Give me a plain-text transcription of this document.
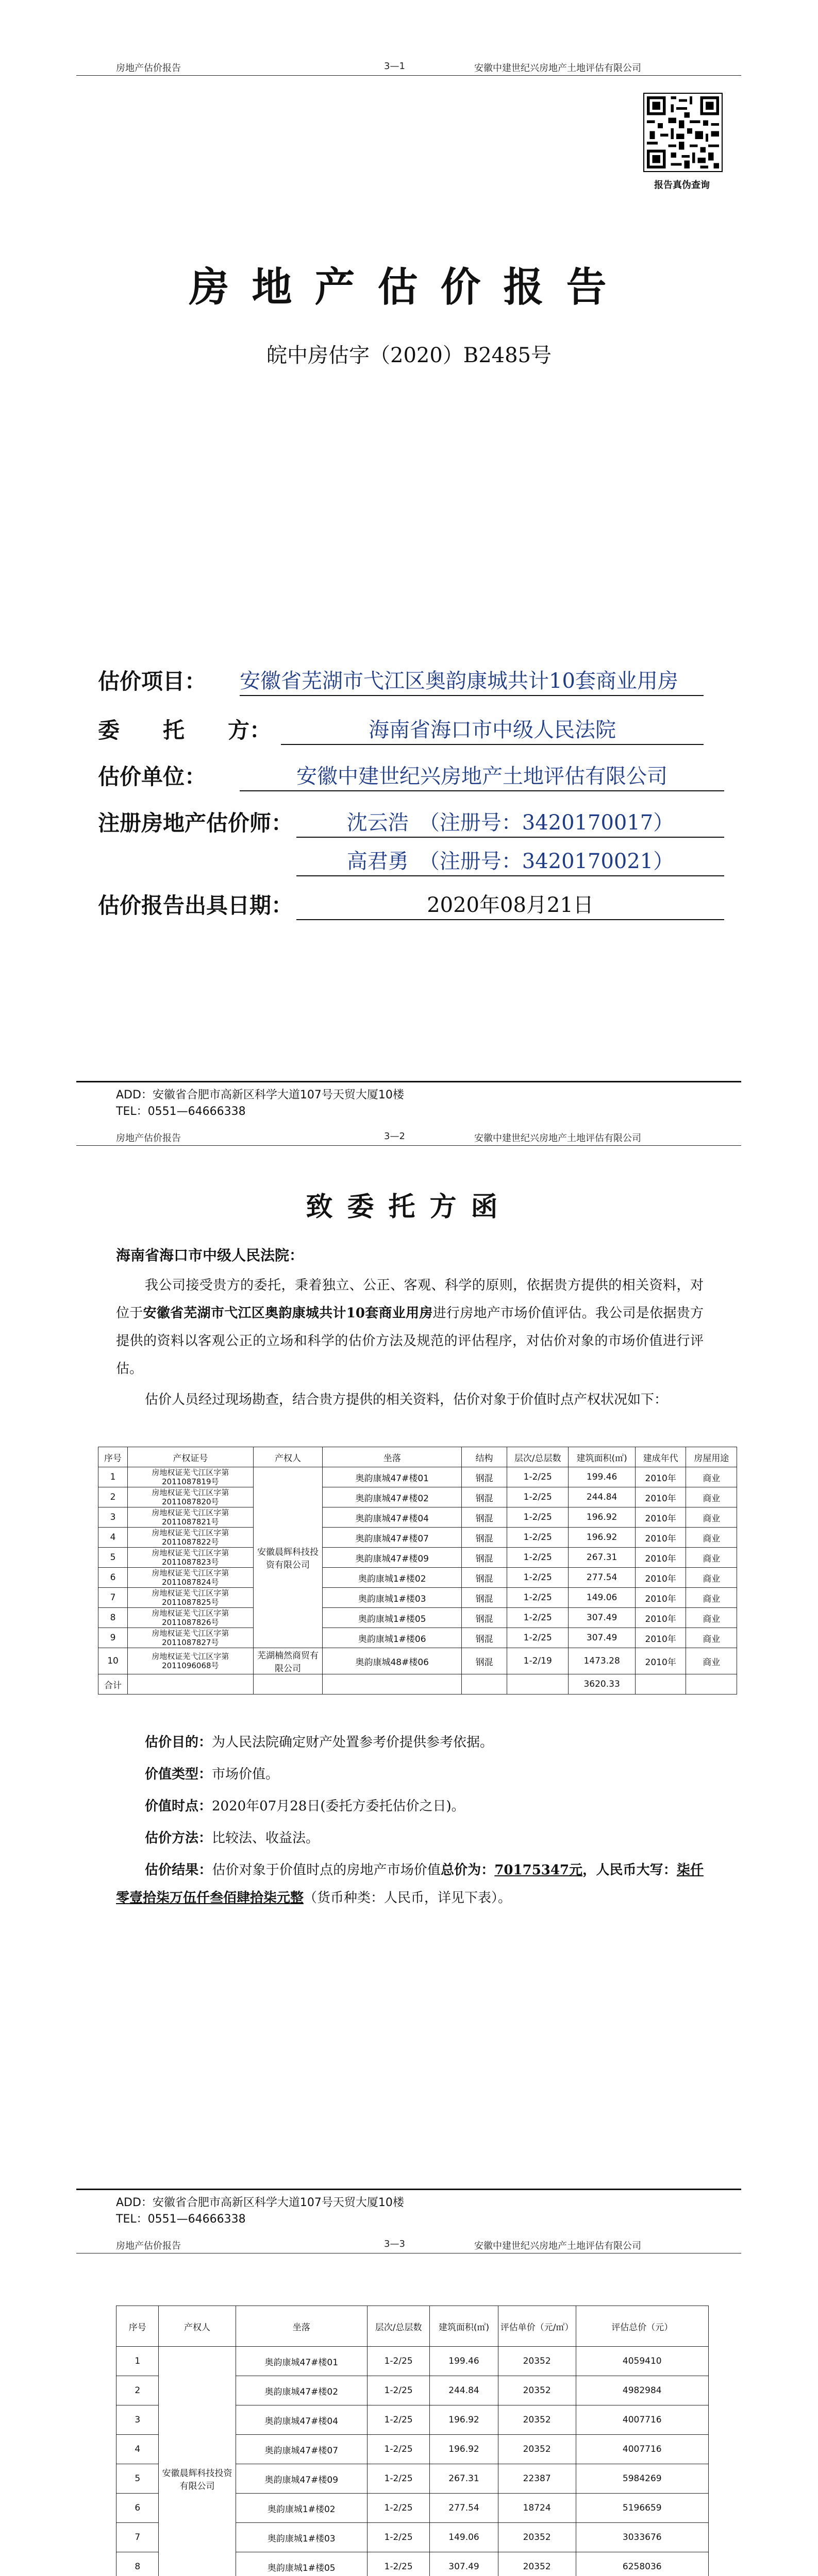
房地产估价报告	3—1	安徽中建世纪兴房地产土地评估有限公司
报告真伪查询
房地产估价报告
皖中房估字（2020）B2485号
估价项目： 安徽省芜湖市弋江区奥韵康城共计10套商业用房
委　　托　　方：	海南省海口市中级人民法院
估价单位：	安徽中建世纪兴房地产土地评估有限公司
注册房地产估价师：	沈云浩　（注册号：3420170017）
高君勇　（注册号：3420170021）
估价报告出具日期：	2020年08月21日
ADD：安徽省合肥市高新区科学大道107号天贸大厦10楼
TEL：0551—64666338
房地产估价报告	3—2	安徽中建世纪兴房地产土地评估有限公司
致委托方函
海南省海口市中级人民法院：
我公司接受贵方的委托，秉着独立、公正、客观、科学的原则，依据贵方提供的相关资料，对位于安徽省芜湖市弋江区奥韵康城共计10套商业用房进行房地产市场价值评估。我公司是依据贵方提供的资料以客观公正的立场和科学的估价方法及规范的评估程序，对估价对象的市场价值进行评估。
估价人员经过现场勘查，结合贵方提供的相关资料，估价对象于价值时点产权状况如下：
序号	产权证号	产权人	坐落	结构	层次/总层数	建筑面积(㎡)	建成年代	房屋用途
1	房地权证芜弋江区字第2011087819号	安徽晨辉科技投资有限公司	奥韵康城47#楼01	钢混	1-2/25	199.46	2010年	商业
2	房地权证芜弋江区字第2011087820号		奥韵康城47#楼02	钢混	1-2/25	244.84	2010年	商业
3	房地权证芜弋江区字第2011087821号		奥韵康城47#楼04	钢混	1-2/25	196.92	2010年	商业
4	房地权证芜弋江区字第2011087822号		奥韵康城47#楼07	钢混	1-2/25	196.92	2010年	商业
5	房地权证芜弋江区字第2011087823号		奥韵康城47#楼09	钢混	1-2/25	267.31	2010年	商业
6	房地权证芜弋江区字第2011087824号		奥韵康城1#楼02	钢混	1-2/25	277.54	2010年	商业
7	房地权证芜弋江区字第2011087825号		奥韵康城1#楼03	钢混	1-2/25	149.06	2010年	商业
8	房地权证芜弋江区字第2011087826号		奥韵康城1#楼05	钢混	1-2/25	307.49	2010年	商业
9	房地权证芜弋江区字第2011087827号		奥韵康城1#楼06	钢混	1-2/25	307.49	2010年	商业
10	房地权证芜弋江区字第2011096068号	芜湖楠然商贸有限公司	奥韵康城48#楼06	钢混	1-2/19	1473.28	2010年	商业
合计						3620.33		
估价目的：为人民法院确定财产处置参考价提供参考依据。
价值类型：市场价值。
价值时点：2020年07月28日(委托方委托估价之日)。
估价方法：比较法、收益法。
估价结果：估价对象于价值时点的房地产市场价值总价为：70175347元，人民币大写：柒仟零壹拾柒万伍仟叁佰肆拾柒元整（货币种类：人民币，详见下表）。
ADD：安徽省合肥市高新区科学大道107号天贸大厦10楼
TEL：0551—64666338
房地产估价报告	3—3	安徽中建世纪兴房地产土地评估有限公司
序号	产权人	坐落	层次/总层数	建筑面积(㎡)	评估单价（元/㎡）	评估总价（元）
1	安徽晨辉科技投资有限公司	奥韵康城47#楼01	1-2/25	199.46	20352	4059410
2		奥韵康城47#楼02	1-2/25	244.84	20352	4982984
3		奥韵康城47#楼04	1-2/25	196.92	20352	4007716
4		奥韵康城47#楼07	1-2/25	196.92	20352	4007716
5		奥韵康城47#楼09	1-2/25	267.31	22387	5984269
6		奥韵康城1#楼02	1-2/25	277.54	18724	5196659
7		奥韵康城1#楼03	1-2/25	149.06	20352	3033676
8		奥韵康城1#楼05	1-2/25	307.49	20352	6258036
